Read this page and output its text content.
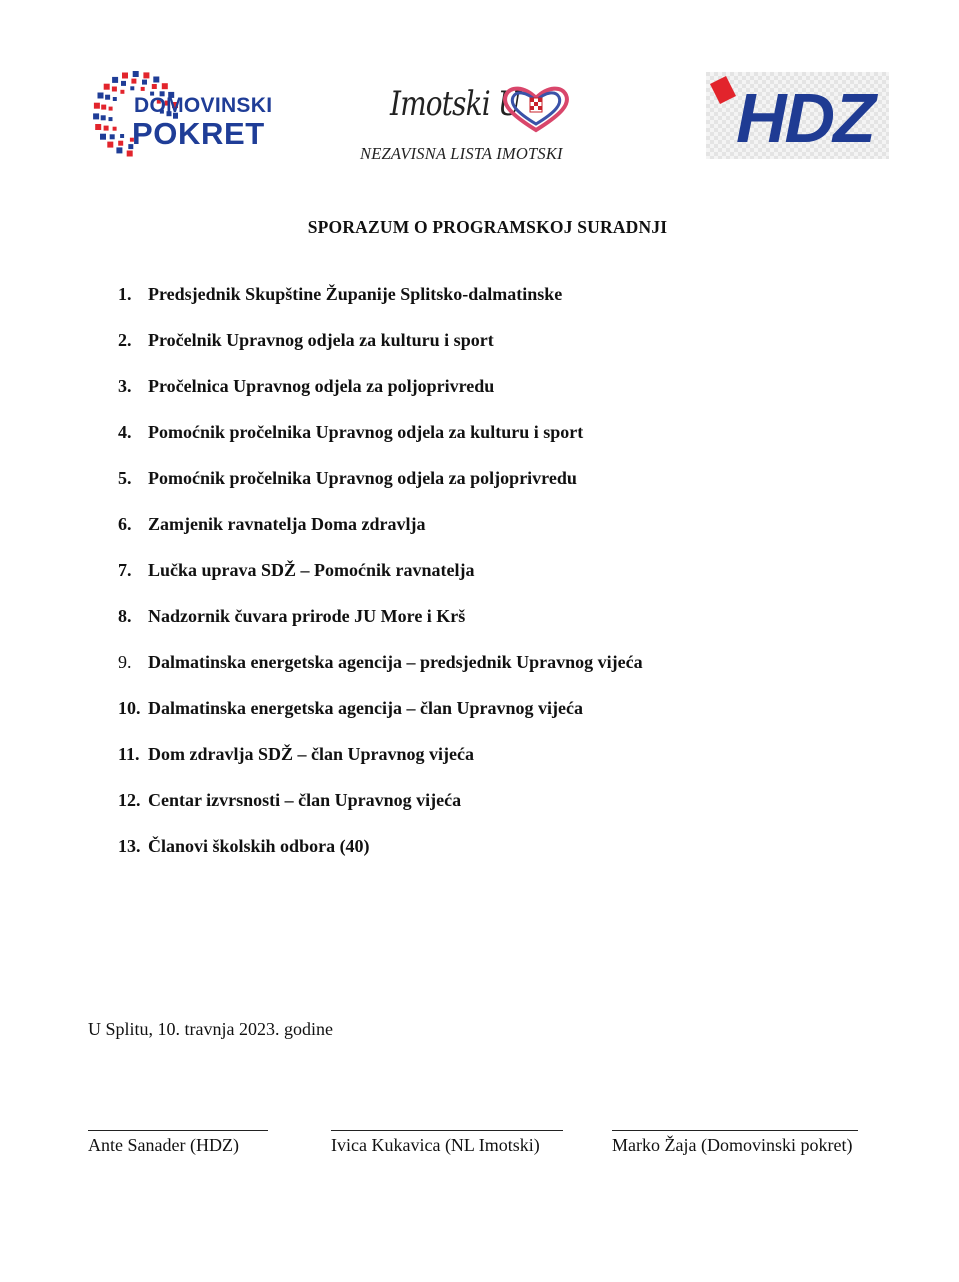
DOMOVINSKI
POKRET
Imotski U
NEZAVISNA LISTA IMOTSKI HDZ
SPORAZUM O PROGRAMSKOJ SURADNJI
1. Predsjednik Skupštine Županije Splitsko-dalmatinske
2. Pročelnik Upravnog odjela za kulturu i sport
3. Pročelnica Upravnog odjela za poljoprivredu
4. Pomoćnik pročelnika Upravnog odjela za kulturu i sport
5. Pomoćnik pročelnika Upravnog odjela za poljoprivredu
6. Zamjenik ravnatelja Doma zdravlja
7. Lučka uprava SDŽ – Pomoćnik ravnatelja
8. Nadzornik čuvara prirode JU More i Krš
9. Dalmatinska energetska agencija – predsjednik Upravnog vijeća
10. Dalmatinska energetska agencija – član Upravnog vijeća
11. Dom zdravlja SDŽ – član Upravnog vijeća
12. Centar izvrsnosti – član Upravnog vijeća
13. Članovi školskih odbora (40)
U Splitu, 10. travnja 2023. godine
Ante Sanader (HDZ)	Ivica Kukavica (NL Imotski)	Marko Žaja (Domovinski pokret)
